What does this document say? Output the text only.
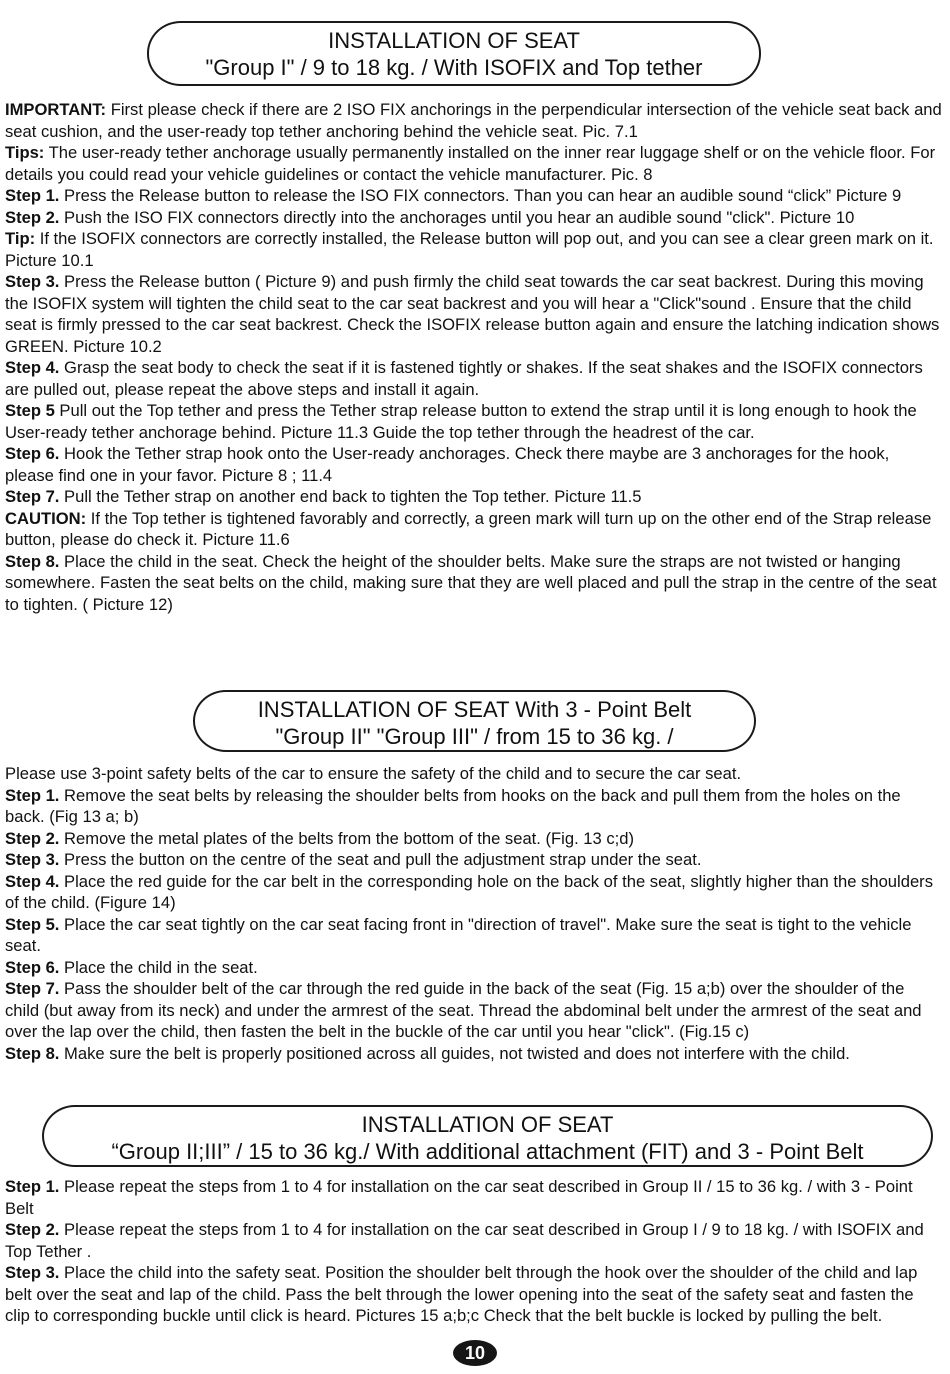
INSTALLATION OF SEAT
"Group I" / 9 to 18 kg. / With ISOFIX and Top tether

IMPORTANT: First please check if there are 2 ISO FIX anchorings in the perpendicular intersection of the vehicle seat back and seat cushion, and the user-ready top tether anchoring behind the vehicle seat. Pic. 7.1

Tips: The user-ready tether anchorage usually permanently installed on the inner rear luggage shelf or on the vehicle floor. For details you could read your vehicle guidelines or contact the vehicle manufacturer. Pic. 8

Step 1. Press the Release button to release the ISO FIX connectors. Than you can hear an audible sound “click” Picture 9

Step 2. Push the ISO FIX connectors directly into the anchorages until you hear an audible sound "click". Picture 10

Tip: If the ISOFIX connectors are correctly installed, the Release button will pop out, and you can see a clear green mark on it. Picture 10.1

Step 3. Press the Release button ( Picture 9) and push firmly the child seat towards the car seat backrest. During this moving the ISOFIX system will tighten the child seat to the car seat backrest and you will hear a "Click"sound . Ensure that the child seat is firmly pressed to the car seat backrest. Check the ISOFIX release button again and ensure the latching indication shows GREEN. Picture 10.2

Step 4. Grasp the seat body to check the seat if it is fastened tightly or shakes. If the seat shakes and the ISOFIX connectors are pulled out, please repeat the above steps and install it again.

Step 5 Pull out the Top tether and press the Tether strap release button to extend the strap until it is long enough to hook the User-ready tether anchorage behind. Picture 11.3 Guide the top tether through the headrest of the car.

Step 6. Hook the Tether strap hook onto the User-ready anchorages. Check there maybe are 3 anchorages for the hook, please find one in your favor. Picture 8 ; 11.4

Step 7. Pull the Tether strap on another end back to tighten the Top tether. Picture 11.5

CAUTION: If the Top tether is tightened favorably and correctly, a green mark will turn up on the other end of the Strap release button, please do check it. Picture 11.6

Step 8. Place the child in the seat. Check the height of the shoulder belts. Make sure the straps are not twisted or hanging somewhere. Fasten the seat belts on the child, making sure that they are well placed and pull the strap in the centre of the seat to tighten. ( Picture 12)

INSTALLATION OF SEAT With 3 - Point Belt
"Group II" "Group III" / from 15 to 36 kg. /

Please use 3-point safety belts of the car to ensure the safety of the child and to secure the car seat.

Step 1. Remove the seat belts by releasing the shoulder belts from hooks on the back and pull them from the holes on the back. (Fig 13 a; b)

Step 2. Remove the metal plates of the belts from the bottom of the seat. (Fig. 13 c;d)

Step 3. Press the button on the centre of the seat and pull the adjustment strap under the seat.

Step 4. Place the red guide for the car belt in the corresponding hole on the back of the seat, slightly higher than the shoulders of the child. (Figure 14)

Step 5. Place the car seat tightly on the car seat facing front in "direction of travel". Make sure the seat is tight to the vehicle seat.

Step 6. Place the child in the seat.

Step 7. Pass the shoulder belt of the car through the red guide in the back of the seat (Fig. 15 a;b) over the shoulder of the child (but away from its neck) and under the armrest of the seat. Thread the abdominal belt under the armrest of the seat and over the lap over the child, then fasten the belt in the buckle of the car until you hear "click". (Fig.15 c)

Step 8. Make sure the belt is properly positioned across all guides, not twisted and does not interfere with the child.

INSTALLATION OF SEAT
“Group II;III” / 15 to 36 kg./ With additional attachment (FIT) and 3 - Point Belt

Step 1. Please repeat the steps from 1 to 4 for installation on the car seat described in Group II / 15 to 36 kg. / with 3 - Point Belt

Step 2. Please repeat the steps from 1 to 4 for installation on the car seat described in Group I / 9 to 18 kg. / with ISOFIX and Top Tether .

Step 3. Place the child into the safety seat. Position the shoulder belt through the hook over the shoulder of the child and lap belt over the seat and lap of the child. Pass the belt through the lower opening into the seat of the safety seat and fasten the clip to corresponding buckle until click is heard. Pictures 15 a;b;c Check that the belt buckle is locked by pulling the belt.

10
